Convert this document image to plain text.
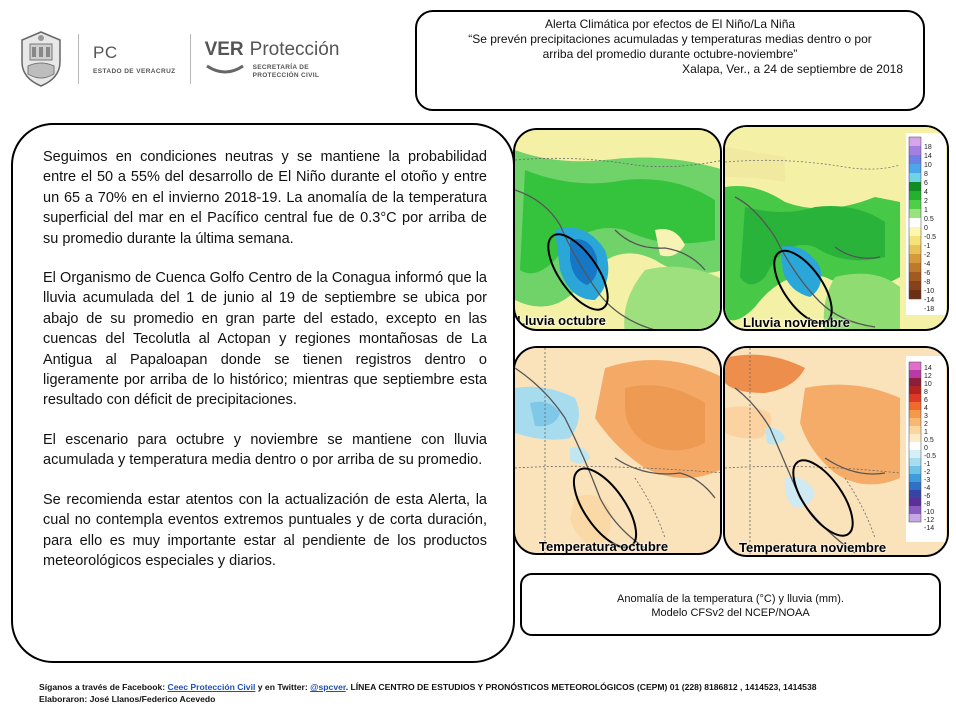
PC
ESTADO DE VERACRUZ
VER Protección
SECRETARÍA DE
PROTECCIÓN CIVIL
Alerta Climática por efectos de El Niño/La Niña
“Se prevén precipitaciones acumuladas y temperaturas medias dentro o por
arriba del promedio durante octubre-noviembre”
Xalapa, Ver., a 24 de septiembre de 2018

Seguimos en condiciones neutras y se mantiene la probabilidad entre el 50 a 55% del desarrollo de El Niño durante el otoño y entre un 65 a 70% en el invierno 2018-19. La anomalía de la temperatura superficial del mar en el Pacífico central fue de 0.3°C por arriba de su promedio durante la última semana.

El Organismo de Cuenca Golfo Centro de la Conagua informó que la lluvia acumulada del 1 de junio al 19 de septiembre se ubica por abajo de su promedio en gran parte del estado, excepto en las cuencas del Tecolutla al Actopan y regiones montañosas de La Antigua al Papaloapan donde se tienen registros dentro o ligeramente por arriba de lo histórico; mientras que septiembre esta resultado con déficit de precipitaciones.

El escenario para octubre y noviembre se mantiene con lluvia acumulada y temperatura media dentro o por arriba de su promedio.

Se recomienda estar atentos con la actualización de esta Alerta, la cual no contempla eventos extremos puntuales y de corta duración, para ello es muy importante estar al pendiente de los productos meteorológicos especiales y diarios.

Lluvia octubre
18
14
10
8
6
4
2
1
0.5
0
-0.5
-1
-2
-4
-6
-8
-10
-14
-18
Lluvia noviembre
Temperatura octubre
14
12
10
8
6
4
3
2
1
0.5
0
-0.5
-1
-2
-3
-4
-6
-8
-10
-12
-14
Temperatura noviembre
Anomalía de la temperatura (°C) y lluvia (mm).
Modelo CFSv2 del NCEP/NOAA
Síganos a través de Facebook: Ceec Protección Civil y en Twitter: @spcver. LÍNEA CENTRO DE ESTUDIOS Y PRONÓSTICOS METEOROLÓGICOS (CEPM) 01 (228) 8186812 , 1414523, 1414538
Elaboraron: José Llanos/Federico Acevedo
